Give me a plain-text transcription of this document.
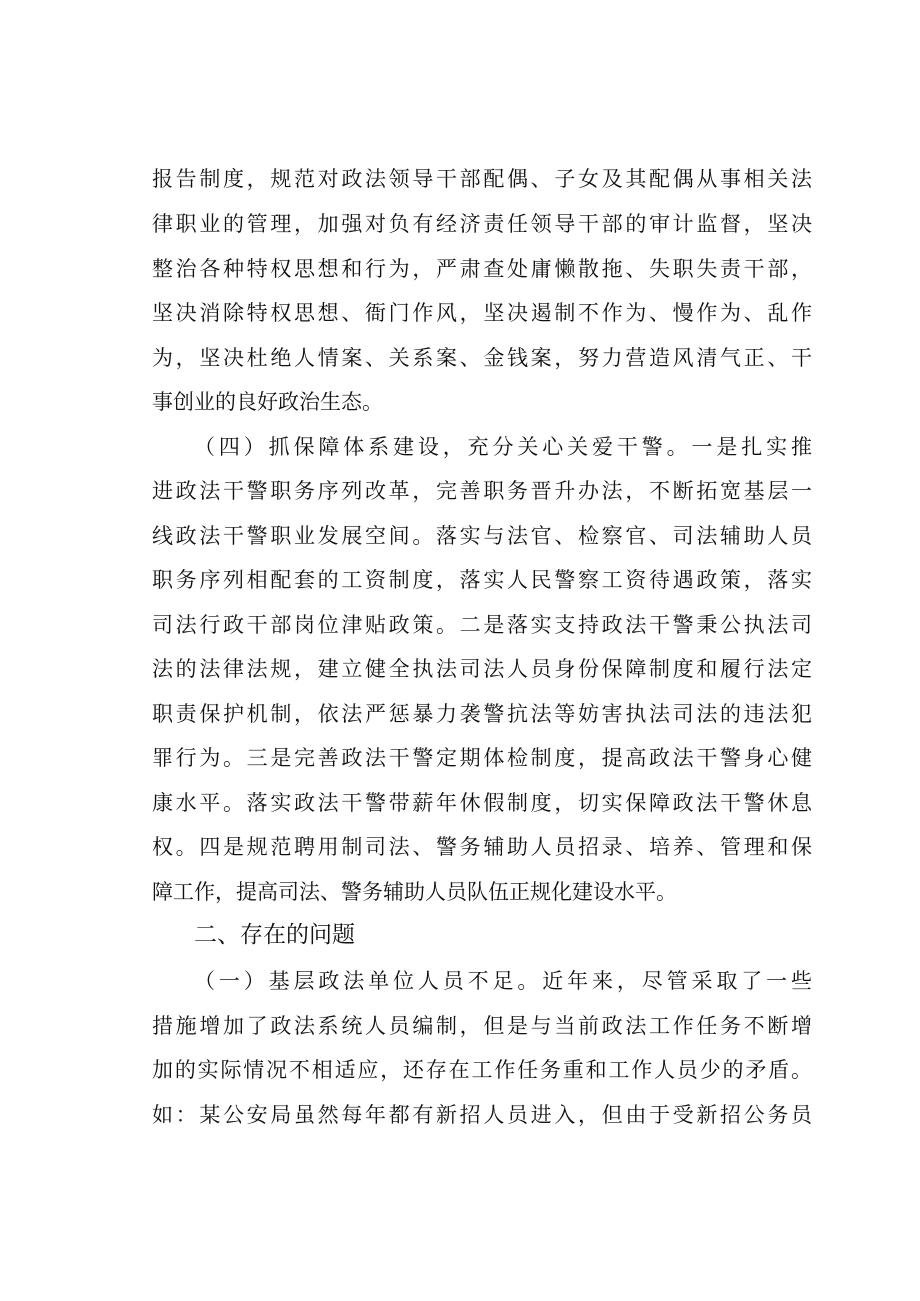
报告制度，规范对政法领导干部配偶、子女及其配偶从事相关法
律职业的管理，加强对负有经济责任领导干部的审计监督，坚决
整治各种特权思想和行为，严肃查处庸懒散拖、失职失责干部，
坚决消除特权思想、衙门作风，坚决遏制不作为、慢作为、乱作
为，坚决杜绝人情案、关系案、金钱案，努力营造风清气正、干
事创业的良好政治生态。
（四）抓保障体系建设，充分关心关爱干警。一是扎实推
进政法干警职务序列改革，完善职务晋升办法，不断拓宽基层一
线政法干警职业发展空间。落实与法官、检察官、司法辅助人员
职务序列相配套的工资制度，落实人民警察工资待遇政策，落实
司法行政干部岗位津贴政策。二是落实支持政法干警秉公执法司
法的法律法规，建立健全执法司法人员身份保障制度和履行法定
职责保护机制，依法严惩暴力袭警抗法等妨害执法司法的违法犯
罪行为。三是完善政法干警定期体检制度，提高政法干警身心健
康水平。落实政法干警带薪年休假制度，切实保障政法干警休息
权。四是规范聘用制司法、警务辅助人员招录、培养、管理和保
障工作，提高司法、警务辅助人员队伍正规化建设水平。
二、存在的问题
（一）基层政法单位人员不足。近年来，尽管采取了一些
措施增加了政法系统人员编制，但是与当前政法工作任务不断增
加的实际情况不相适应，还存在工作任务重和工作人员少的矛盾。
如：某公安局虽然每年都有新招人员进入，但由于受新招公务员
